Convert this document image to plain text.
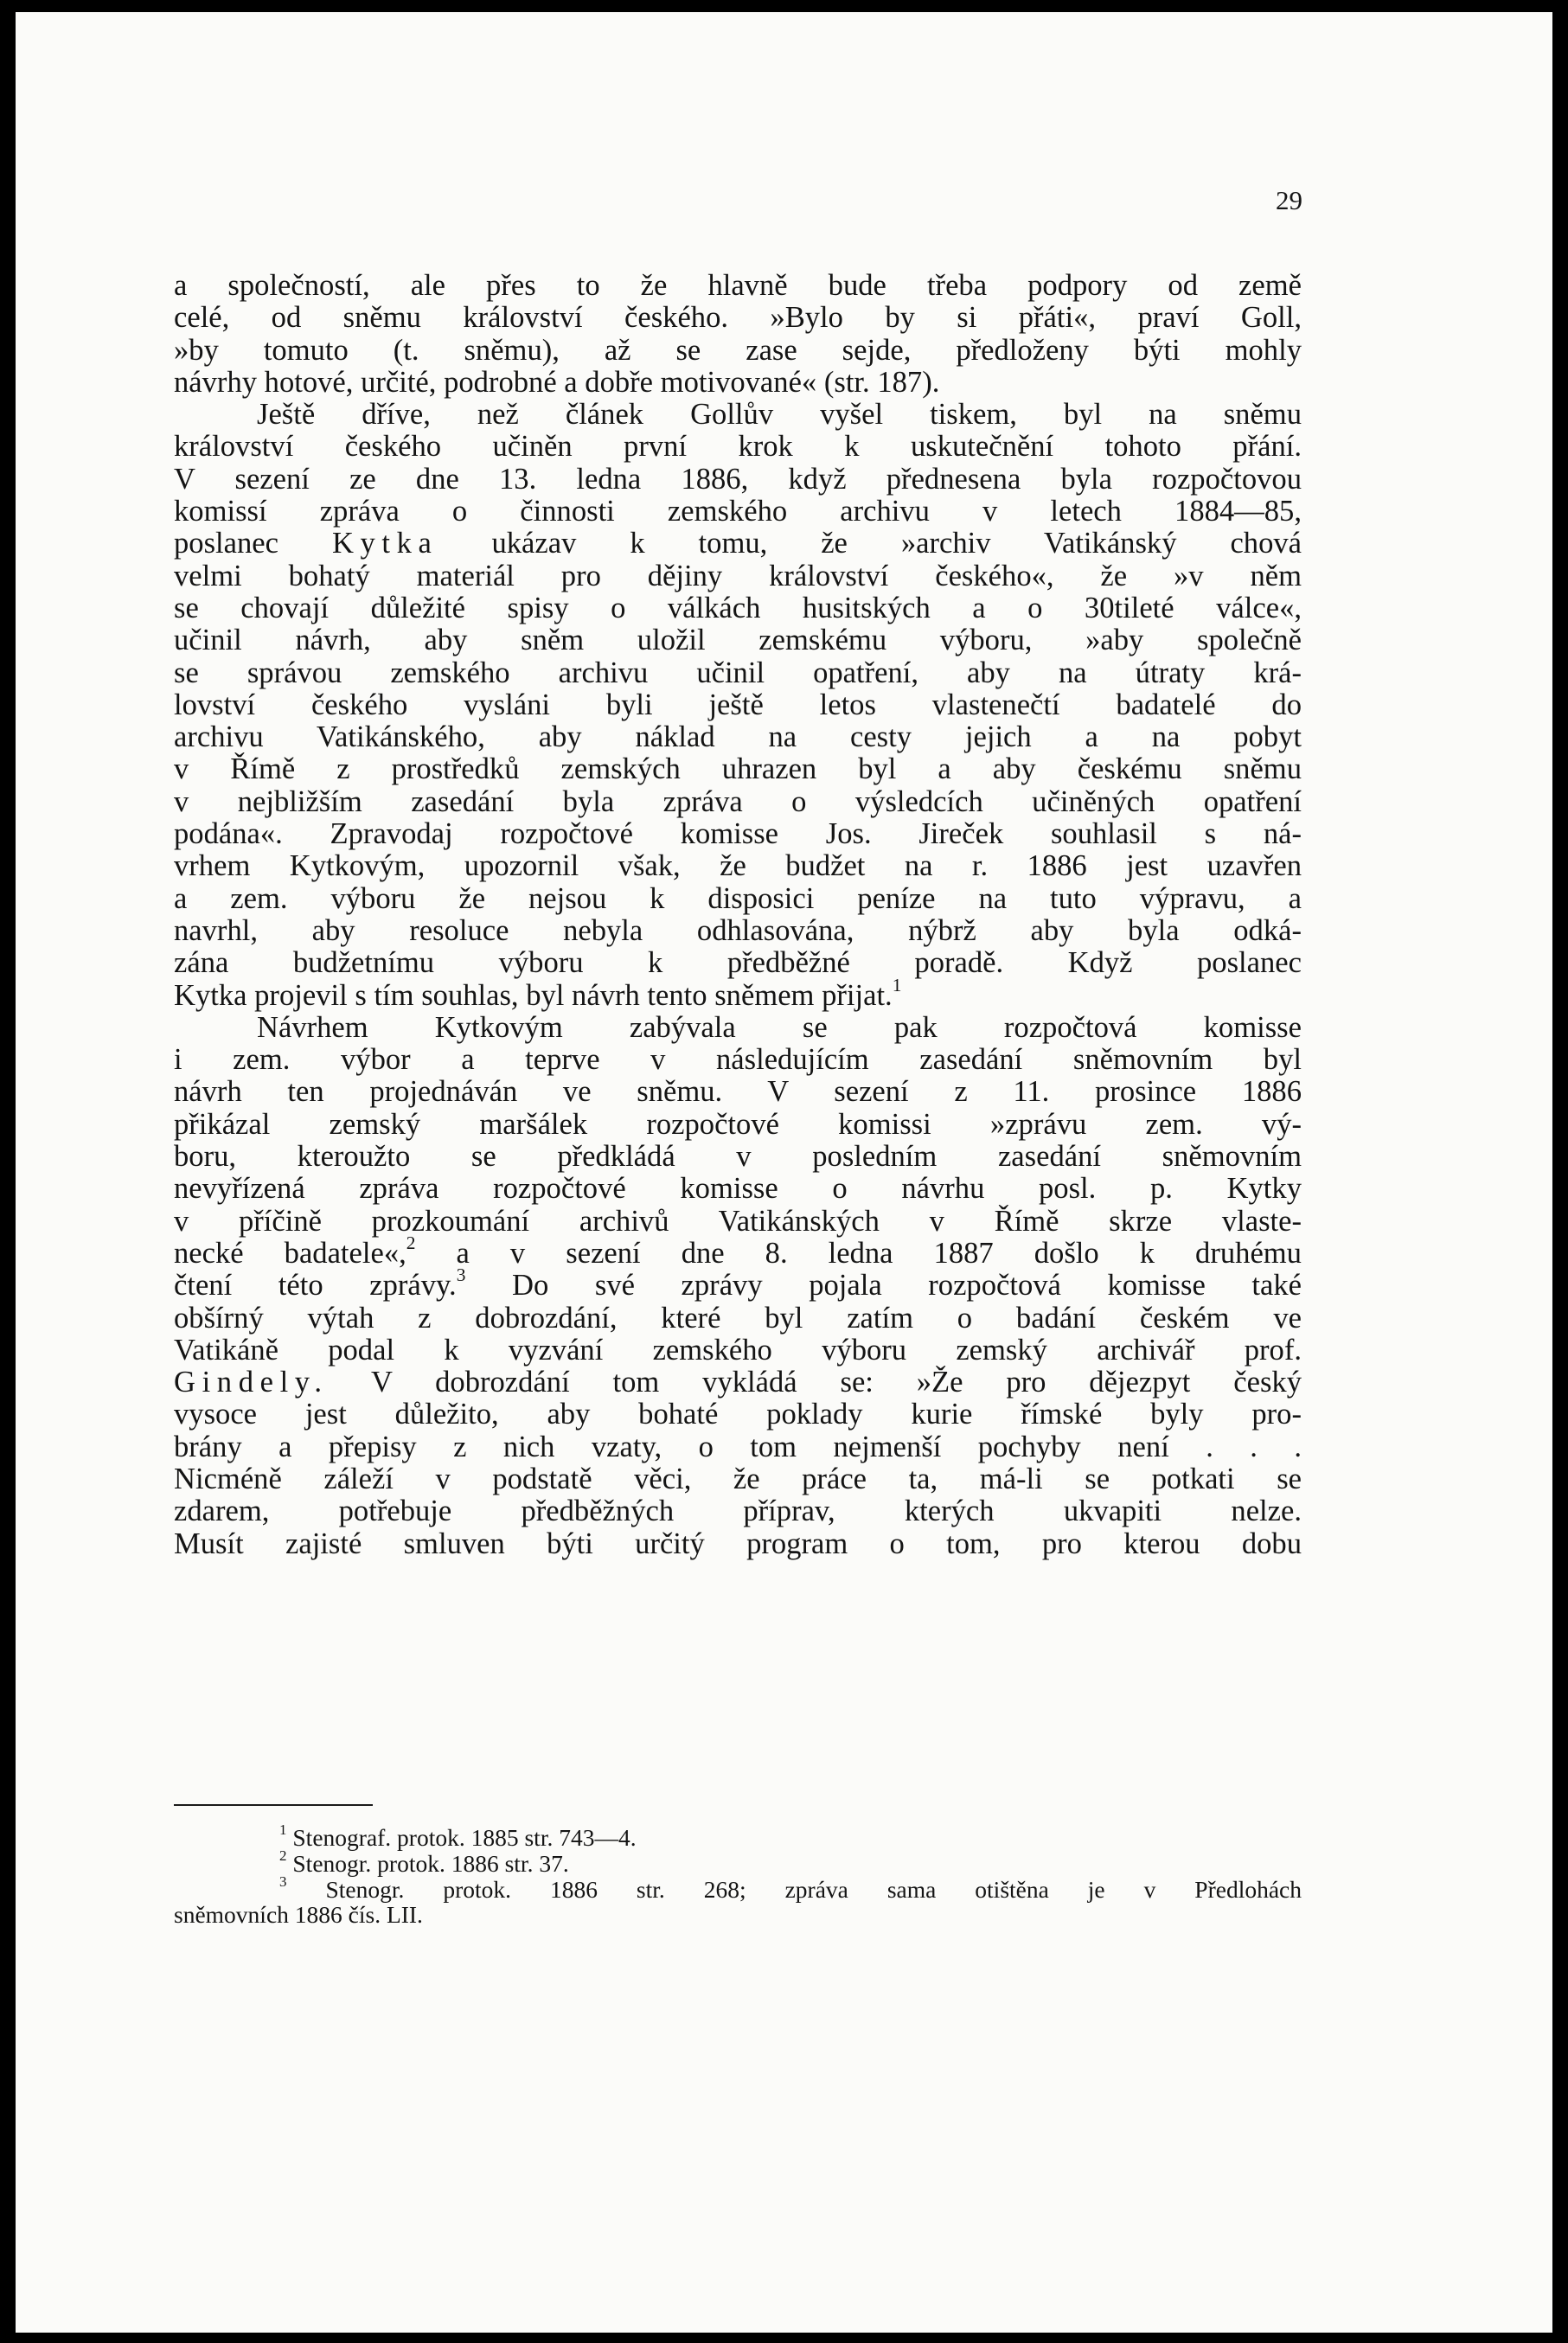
29

a společností, ale přes to že hlavně bude třeba podpory od země
celé, od sněmu království českého. »Bylo by si přáti«, praví Goll,
»by tomuto (t. sněmu), až se zase sejde, předloženy býti mohly
návrhy hotové, určité, podrobné a dobře motivované« (str. 187).
Ještě dříve, než článek Gollův vyšel tiskem, byl na sněmu
království českého učiněn první krok k uskutečnění tohoto přání.
V sezení ze dne 13. ledna 1886, když přednesena byla rozpočtovou
komissí zpráva o činnosti zemského archivu v letech 1884—85,
poslanec Kytka ukázav k tomu, že »archiv Vatikánský chová
velmi bohatý materiál pro dějiny království českého«, že »v něm
se chovají důležité spisy o válkách husitských a o 30tileté válce«,
učinil návrh, aby sněm uložil zemskému výboru, »aby společně
se správou zemského archivu učinil opatření, aby na útraty krá-
lovství českého vysláni byli ještě letos vlastenečtí badatelé do
archivu Vatikánského, aby náklad na cesty jejich a na pobyt
v Římě z prostředků zemských uhrazen byl a aby českému sněmu
v nejbližším zasedání byla zpráva o výsledcích učiněných opatření
podána«. Zpravodaj rozpočtové komisse Jos. Jireček souhlasil s ná-
vrhem Kytkovým, upozornil však, že budžet na r. 1886 jest uzavřen
a zem. výboru že nejsou k disposici peníze na tuto výpravu, a
navrhl, aby resoluce nebyla odhlasována, nýbrž aby byla odká-
zána budžetnímu výboru k předběžné poradě. Když poslanec
Kytka projevil s tím souhlas, byl návrh tento sněmem přijat.$^1$
Návrhem Kytkovým zabývala se pak rozpočtová komisse
i zem. výbor a teprve v následujícím zasedání sněmovním byl
návrh ten projednáván ve sněmu. V sezení z 11. prosince 1886
přikázal zemský maršálek rozpočtové komissi »zprávu zem. vý-
boru, kteroužto se předkládá v posledním zasedání sněmovním
nevyřízená zpráva rozpočtové komisse o návrhu posl. p. Kytky
v příčině prozkoumání archivů Vatikánských v Římě skrze vlaste-
necké badatele«,$^2$ a v sezení dne 8. ledna 1887 došlo k druhému
čtení této zprávy.$^3$ Do své zprávy pojala rozpočtová komisse také
obšírný výtah z dobrozdání, které byl zatím o badání českém ve
Vatikáně podal k vyzvání zemského výboru zemský archivář prof.
Gindely. V dobrozdání tom vykládá se: »Že pro dějezpyt český
vysoce jest důležito, aby bohaté poklady kurie římské byly pro-
brány a přepisy z nich vzaty, o tom nejmenší pochyby není . . .
Nicméně záleží v podstatě věci, že práce ta, má-li se potkati se
zdarem, potřebuje předběžných příprav, kterých ukvapiti nelze.
Musít zajisté smluven býti určitý program o tom, pro kterou dobu
$^1$ Stenograf. protok. 1885 str. 743—4.
$^2$ Stenogr. protok. 1886 str. 37.
$^3$ Stenogr. protok. 1886 str. 268; zpráva sama otištěna je v Předlohách
sněmovních 1886 čís. LII.
